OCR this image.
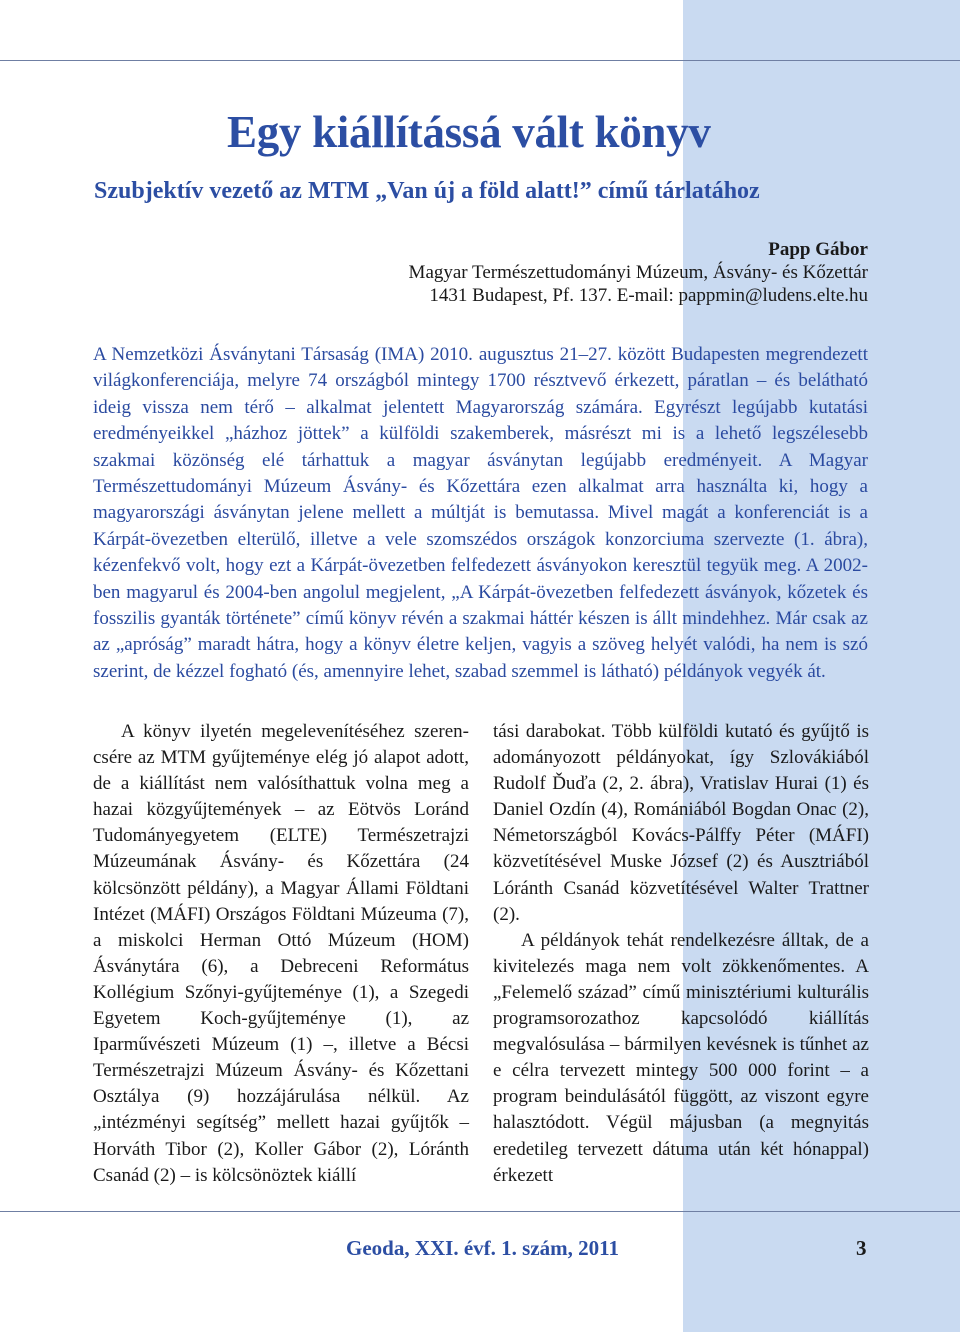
Egy kiállítássá vált könyv
Szubjektív vezető az MTM „Van új a föld alatt!” című tárlatához
Papp Gábor
Magyar Természettudományi Múzeum, Ásvány- és Kőzettár
1431 Budapest, Pf. 137. E-mail: pappmin@ludens.elte.hu

A Nemzetközi Ásványtani Társaság (IMA) 2010. augusztus 21–27. között Budapesten megrendezett világkonferenciája, melyre 74 országból mintegy 1700 résztvevő érkezett, páratlan – és belátható ideig vissza nem térő – alkalmat jelentett Magyarország számára. Egyrészt legújabb kutatási eredményeikkel „házhoz jöttek” a külföldi szakemberek, másrészt mi is a lehető legszélesebb szakmai közönség elé tárhattuk a magyar ásványtan legújabb eredményeit. A Magyar Természettudományi Múzeum Ásvány- és Kőzettára ezen alkalmat arra használta ki, hogy a magyarországi ásványtan jelene mellett a múltját is bemutassa. Mivel magát a konferenciát is a Kárpát-övezetben elterülő, illetve a vele szomszédos országok konzorciuma szervezte (1. ábra), kézenfekvő volt, hogy ezt a Kárpát-övezetben felfedezett ásványokon keresztül tegyük meg. A 2002-ben magyarul és 2004-ben angolul megjelent, „A Kárpát-övezetben felfedezett ásványok, kőzetek és fosszilis gyanták története” című könyv révén a szakmai háttér készen is állt mindehhez. Már csak az az „apróság” maradt hátra, hogy a könyv életre keljen, vagyis a szöveg helyét valódi, ha nem is szó szerint, de kézzel fogható (és, amennyire lehet, szabad szemmel is látható) példányok vegyék át.

A könyv ilyetén megelevenítéséhez szerencsére az MTM gyűjteménye elég jó alapot adott, de a kiállítást nem valósíthattuk volna meg a hazai közgyűjtemények – az Eötvös Loránd Tudományegyetem (ELTE) Természetrajzi Múzeumának Ásvány- és Kőzettára (24 kölcsönzött példány), a Magyar Állami Földtani Intézet (MÁFI) Országos Földtani Múzeuma (7), a miskolci Herman Ottó Múzeum (HOM) Ásványtára (6), a Debreceni Református Kollégium Szőnyi-gyűjteménye (1), a Szegedi Egyetem Koch-gyűjteménye (1), az Iparművészeti Múzeum (1) –, illetve a Bécsi Természetrajzi Múzeum Ásvány- és Kőzettani Osztálya (9) hozzájárulása nélkül. Az „intézményi segítség” mellett hazai gyűjtők – Horváth Tibor (2), Koller Gábor (2), Lóránth Csanád (2) – is kölcsönöztek kiállí

tási darabokat. Több külföldi kutató és gyűjtő is adományozott példányokat, így Szlovákiából Rudolf Ďuďa (2, 2. ábra), Vratislav Hurai (1) és Daniel Ozdín (4), Romániából Bogdan Onac (2), Németországból Kovács-Pálffy Péter (MÁFI) közvetítésével Muske József (2) és Ausztriából Lóránth Csanád közvetítésével Walter Trattner (2).

A példányok tehát rendelkezésre álltak, de a kivitelezés maga nem volt zökkenőmentes. A „Felemelő század” című minisztériumi kulturális programsorozathoz kapcsolódó kiállítás megvalósulása – bármilyen kevésnek is tűnhet az e célra tervezett mintegy 500 000 forint – a program beindulásától függött, az viszont egyre halasztódott. Végül májusban (a megnyitás eredetileg tervezett dátuma után két hónappal) érkezett

Geoda, XXI. évf. 1. szám, 2011	3
